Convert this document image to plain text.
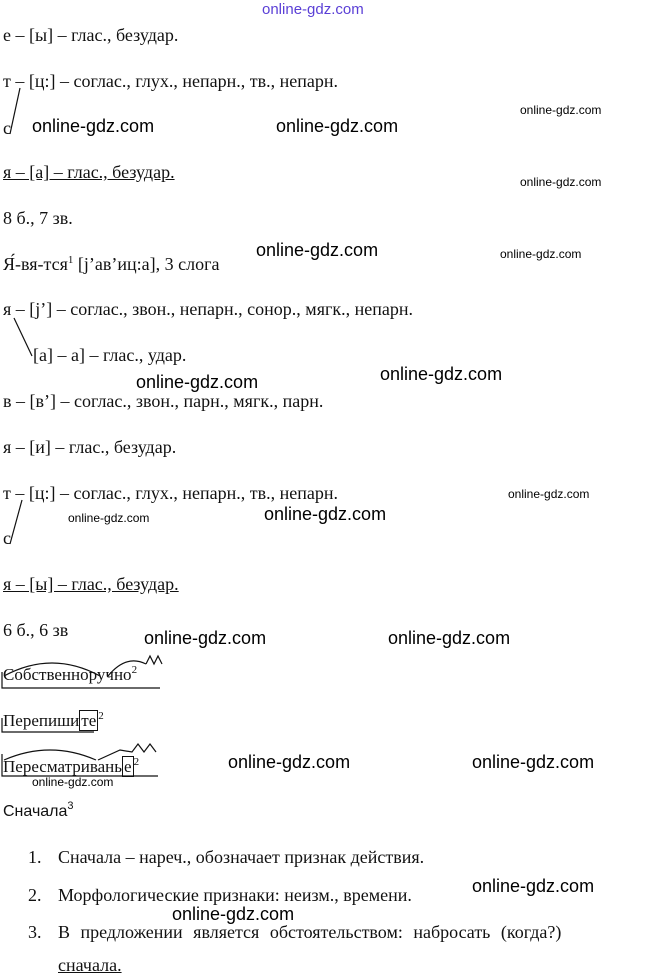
online-gdz.com
е – [ы] – глас., безудар.
т – [ц:] – соглас., глух., непарн., тв., непарн.
с
я – [а] – глас., безудар.
8 б., 7 зв.
Я́-вя-тся$^1$ [j’ав’иц:а], 3 слога
я – [j’] – соглас., звон., непарн., сонор., мягк., непарн.
[а] – а] – глас., удар.
в – [в’] – соглас., звон., парн., мягк., парн.
я – [и] – глас., безудар.
т – [ц:] – соглас., глух., непарн., тв., непарн.
с
я – [ы] – глас., безудар.
6 б., 6 зв
Собственноручно$^2$
Перепиши те $^2$
Пересматривань е $^2$
Сначала$^3$
1. Сначала – нареч., обозначает признак действия.
2. Морфологические признаки: неизм., времени.
3. В предложении является обстоятельством: набросать (когда?)
сначала.
online-gdz.com	online-gdz.com
online-gdz.com
online-gdz.com
online-gdz.com	online-gdz.com
online-gdz.com	online-gdz.com
online-gdz.com
online-gdz.com
online-gdz.com
online-gdz.com	online-gdz.com
online-gdz.com	online-gdz.com
online-gdz.com
online-gdz.com
online-gdz.com
